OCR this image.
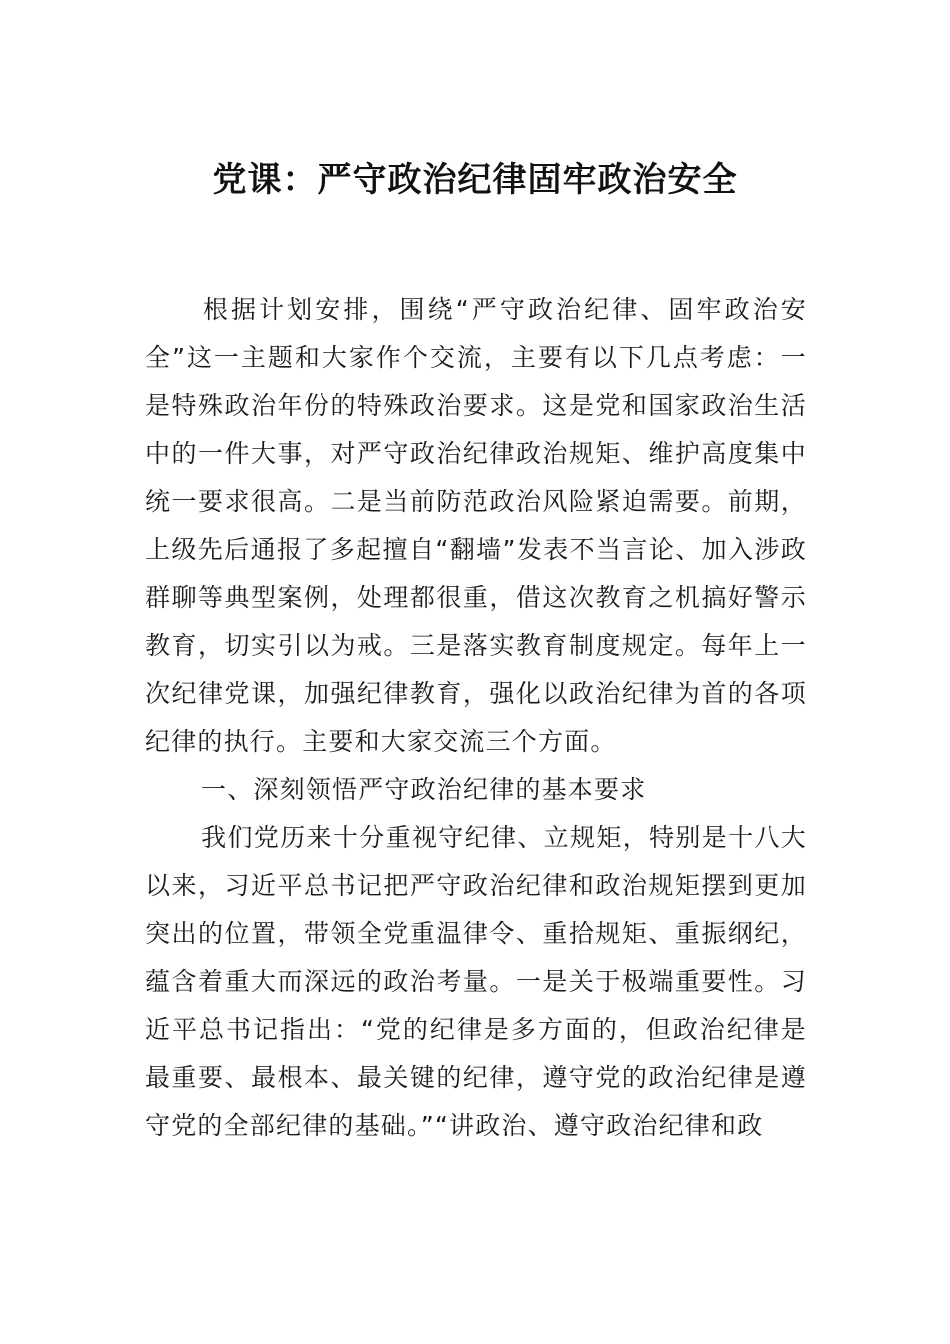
党课：严守政治纪律固牢政治安全

根据计划安排，围绕“严守政治纪律、固牢政治安全”这一主题和大家作个交流，主要有以下几点考虑：一是特殊政治年份的特殊政治要求。这是党和国家政治生活中的一件大事，对严守政治纪律政治规矩、维护高度集中统一要求很高。二是当前防范政治风险紧迫需要。前期，上级先后通报了多起擅自“翻墙”发表不当言论、加入涉政群聊等典型案例，处理都很重，借这次教育之机搞好警示教育，切实引以为戒。三是落实教育制度规定。每年上一次纪律党课，加强纪律教育，强化以政治纪律为首的各项纪律的执行。主要和大家交流三个方面。

一、深刻领悟严守政治纪律的基本要求

我们党历来十分重视守纪律、立规矩，特别是十八大以来，习近平总书记把严守政治纪律和政治规矩摆到更加突出的位置，带领全党重温律令、重拾规矩、重振纲纪，蕴含着重大而深远的政治考量。一是关于极端重要性。习近平总书记指出：“党的纪律是多方面的，但政治纪律是最重要、最根本、最关键的纪律，遵守党的政治纪律是遵守党的全部纪律的基础。”“讲政治、遵守政治纪律和政
